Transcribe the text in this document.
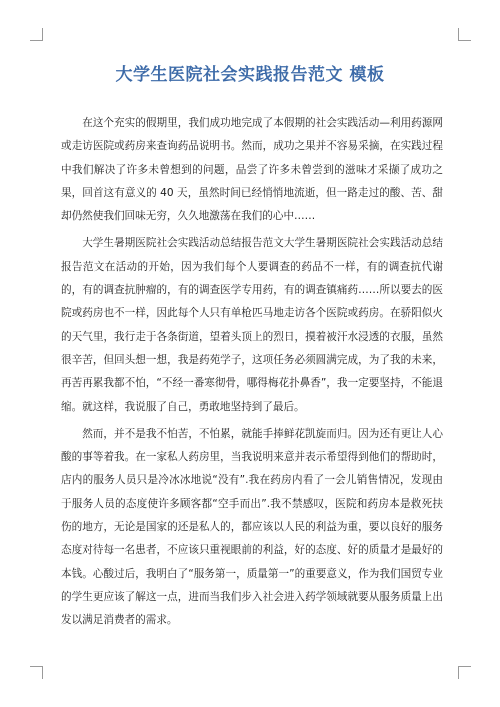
大学生医院社会实践报告范文 模板

在这个充实的假期里，我们成功地完成了本假期的社会实践活动—利用药源网或走访医院或药房来查询药品说明书。然而，成功之果并不容易采摘，在实践过程中我们解决了许多未曾想到的问题，品尝了许多未曾尝到的滋味才采撷了成功之果，回首这有意义的 40 天，虽然时间已经悄悄地流逝，但一路走过的酸、苦、甜却仍然使我们回味无穷，久久地激荡在我们的心中……

大学生暑期医院社会实践活动总结报告范文大学生暑期医院社会实践活动总结报告范文在活动的开始，因为我们每个人要调查的药品不一样，有的调查抗代谢的，有的调查抗肿瘤的，有的调查医学专用药，有的调查镇痛药……所以要去的医院或药房也不一样，因此每个人只有单枪匹马地走访各个医院或药房。在骄阳似火的天气里，我行走于各条街道，望着头顶上的烈日，摸着被汗水浸透的衣服，虽然很辛苦，但回头想一想，我是药苑学子，这项任务必须圆满完成，为了我的未来，再苦再累我都不怕，“不经一番寒彻骨，哪得梅花扑鼻香”，我一定要坚持，不能退缩。就这样，我说服了自己，勇敢地坚持到了最后。

然而，并不是我不怕苦，不怕累，就能手捧鲜花凯旋而归。因为还有更让人心酸的事等着我。在一家私人药房里，当我说明来意并表示希望得到他们的帮助时，店内的服务人员只是冷冰冰地说“没有”.我在药房内看了一会儿销售情况，发现由于服务人员的态度使许多顾客都“空手而出”.我不禁感叹，医院和药房本是救死扶伤的地方，无论是国家的还是私人的，都应该以人民的利益为重，要以良好的服务态度对待每一名患者，不应该只重视眼前的利益，好的态度、好的质量才是最好的本钱。心酸过后，我明白了“服务第一，质量第一”的重要意义，作为我们国贸专业的学生更应该了解这一点，进而当我们步入社会进入药学领域就要从服务质量上出发以满足消费者的需求。
